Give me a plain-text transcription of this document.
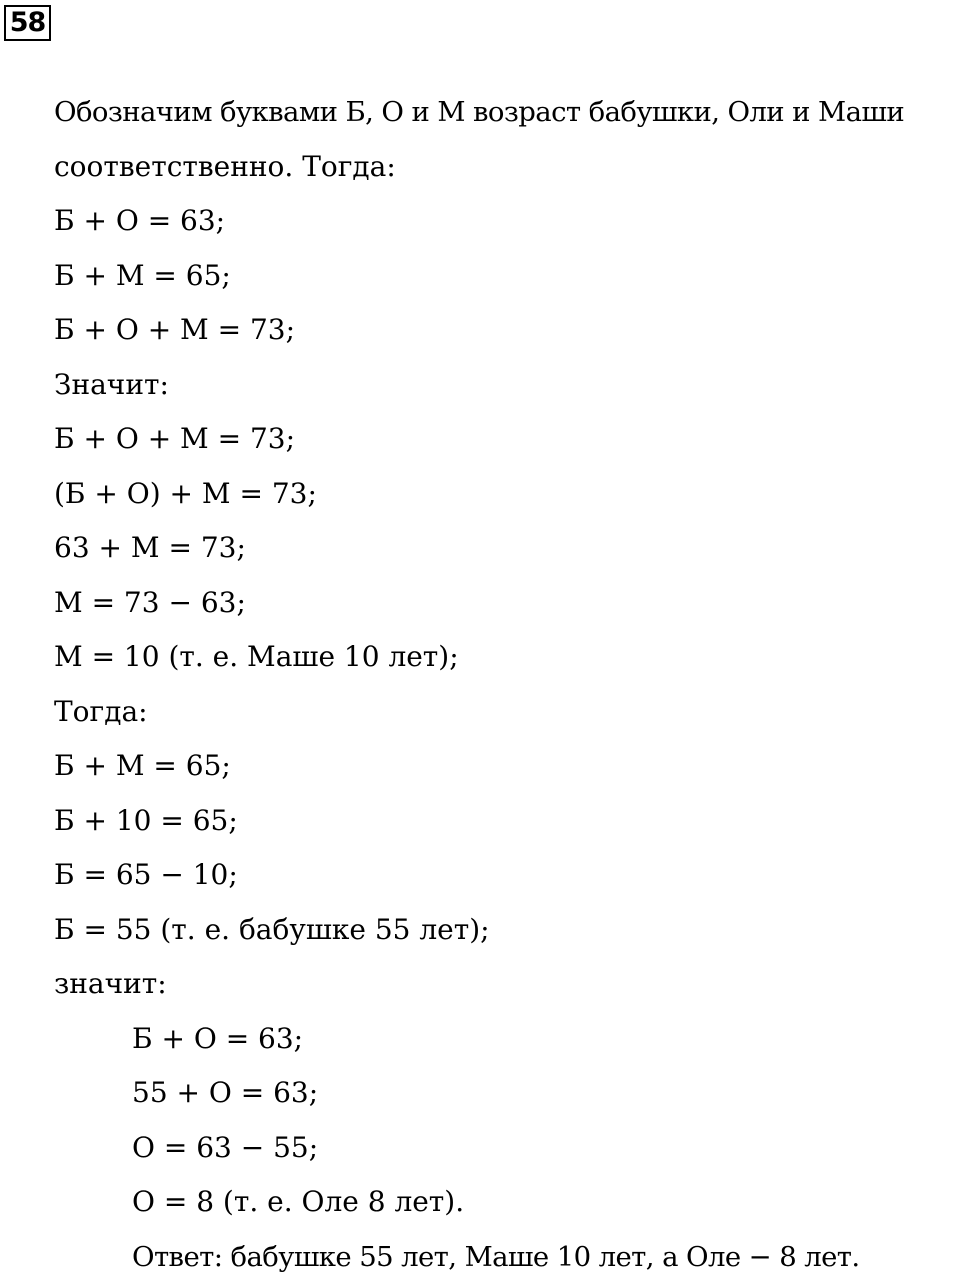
58
Обозначим буквами Б, О и М возраст бабушки, Оли и Маши
соответственно. Тогда:
Б + О = 63;
Б + М = 65;
Б + О + М = 73;
Значит:
Б + О + М = 73;
(Б + О) + М = 73;
63 + М = 73;
М = 73 − 63;
М = 10 (т. е. Маше 10 лет);
Тогда:
Б + М = 65;
Б + 10 = 65;
Б = 65 − 10;
Б = 55 (т. е. бабушке 55 лет);
значит:
Б + О = 63;
55 + О = 63;
О = 63 − 55;
О = 8 (т. е. Оле 8 лет).
Ответ: бабушке 55 лет, Маше 10 лет, а Оле − 8 лет.
